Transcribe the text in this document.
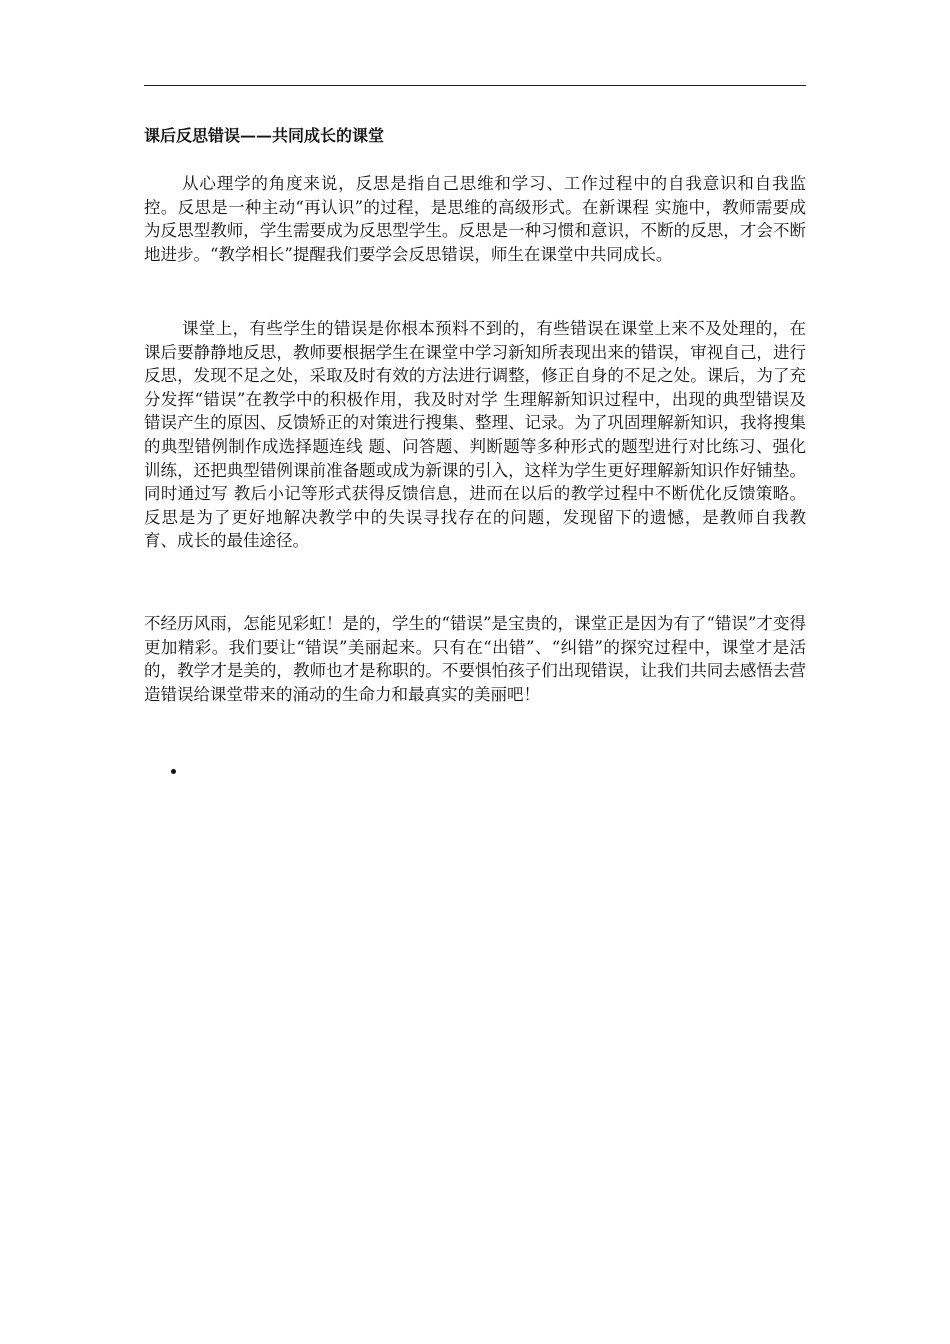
课后反思错误——共同成长的课堂

从心理学的角度来说，反思是指自己思维和学习、工作过程中的自我意识和自我监控。反思是一种主动“再认识”的过程，是思维的高级形式。在新课程 实施中，教师需要成为反思型教师，学生需要成为反思型学生。反思是一种习惯和意识，不断的反思，才会不断地进步。“教学相长”提醒我们要学会反思错误，师生在课堂中共同成长。

课堂上，有些学生的错误是你根本预料不到的，有些错误在课堂上来不及处理的，在课后要静静地反思，教师要根据学生在课堂中学习新知所表现出来的错误，审视自己，进行反思，发现不足之处，采取及时有效的方法进行调整，修正自身的不足之处。课后，为了充分发挥“错误”在教学中的积极作用，我及时对学 生理解新知识过程中，出现的典型错误及错误产生的原因、反馈矫正的对策进行搜集、整理、记录。为了巩固理解新知识，我将搜集的典型错例制作成选择题连线 题、问答题、判断题等多种形式的题型进行对比练习、强化训练，还把典型错例课前准备题或成为新课的引入，这样为学生更好理解新知识作好铺垫。同时通过写 教后小记等形式获得反馈信息，进而在以后的教学过程中不断优化反馈策略。反思是为了更好地解决教学中的失误寻找存在的问题，发现留下的遗憾，是教师自我教 育、成长的最佳途径。

不经历风雨，怎能见彩虹！是的，学生的“错误”是宝贵的，课堂正是因为有了“错误”才变得更加精彩。我们要让“错误”美丽起来。只有在“出错”、“纠错”的探究过程中，课堂才是活的，教学才是美的，教师也才是称职的。不要惧怕孩子们出现错误，让我们共同去感悟去营造错误给课堂带来的涌动的生命力和最真实的美丽吧！
